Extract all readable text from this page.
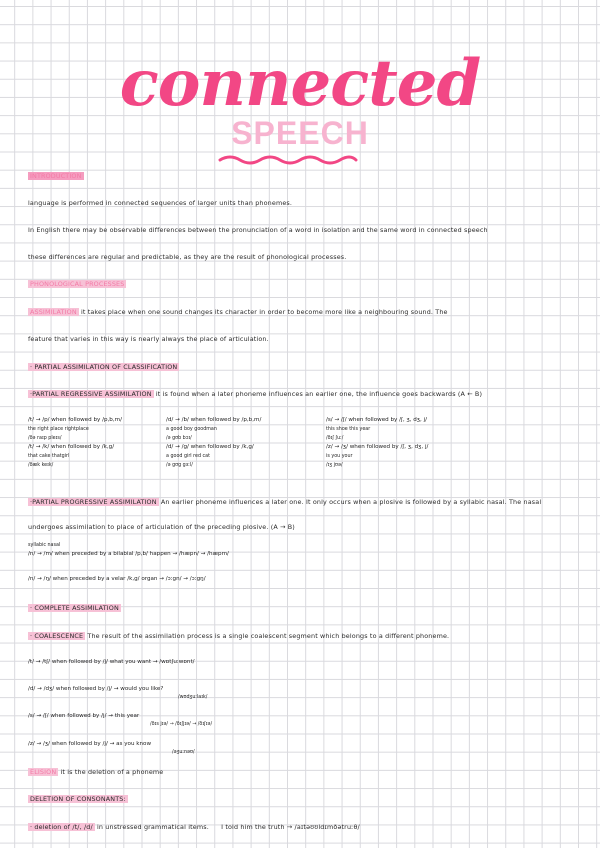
connected
SPEECH
INTRODUCTION
language is performed in connected sequences of larger units than phonemes.
In English there may be observable differences between the pronunciation of a word in isolation and the same word in connected speech
these differences are regular and predictable, as they are the result of phonological processes.
PHONOLOGICAL PROCESSES
ASSIMILATION it takes place when one sound changes its character in order to become more like a neighbouring sound. The
feature that varies in this way is nearly always the place of articulation.
· PARTIAL ASSIMILATION OF CLASSIFICATION
·PARTIAL REGRESSIVE ASSIMILATION it is found when a later phoneme influences an earlier one, the influence goes backwards (A ← B)
/t/ → /p/ when followed by /p,b,m/
the right place rightplace
/ðə raɪp pleɪs/
/t/ → /k/ when followed by /k,g/
that cake thatgirl
/ðæk keɪk/
/d/ → /b/ when followed by /p,b,m/
a good boy goodman
/ə gʊb bɔɪ/
/d/ → /g/ when followed by /k,g/
a good girl red cat
/ə gʊg gɜːl/
/s/ → /ʃ/ when followed by /ʃ, ʒ, dʒ, j/
this shoe this year
/ðɪʃ ʃuː/
/z/ → /ʒ/ when followed by /ʃ, ʒ, dʒ, j/
is you your
/ɪʒ jʊə/
·PARTIAL PROGRESSIVE ASSIMILATION An earlier phoneme influences a later one. It only occurs when a plosive is followed by a syllabic nasal. The nasal
undergoes assimilation to place of articulation of the preceding plosive. (A → B)
syllabic nasal
/n/ → /m/ when preceded by a bilabial /p,b/ happen → /hæpn/ → /hæpm/
/n/ → /ŋ/ when preceded by a velar /k,g/ organ → /ɔːgn/ → /ɔːgŋ/
· COMPLETE ASSIMILATION
· COALESCENCE The result of the assimilation process is a single coalescent segment which belongs to a different phoneme.
/t/ → /tʃ/ when followed by /j/ what you want → /wɒtʃuːwɒnt/
/d/ → /dʒ/ when followed by /j/ → would you like?
/wʊdʒuːlaɪk/
/s/ → /ʃ/ when followed by /j/ → this year
/ðɪs jɪə/ → /ðɪʃjɪə/ → /ðɪʃɪə/
/z/ → /ʒ/ when followed by /j/ → as you know
/əʒuːnəʊ/
ELISION it is the deletion of a phoneme
DELETION OF CONSONANTS:
· deletion of /t/, /d/ in unstressed grammatical items. I told him the truth → /aɪtəʊʊldɪmðətruːθ/
